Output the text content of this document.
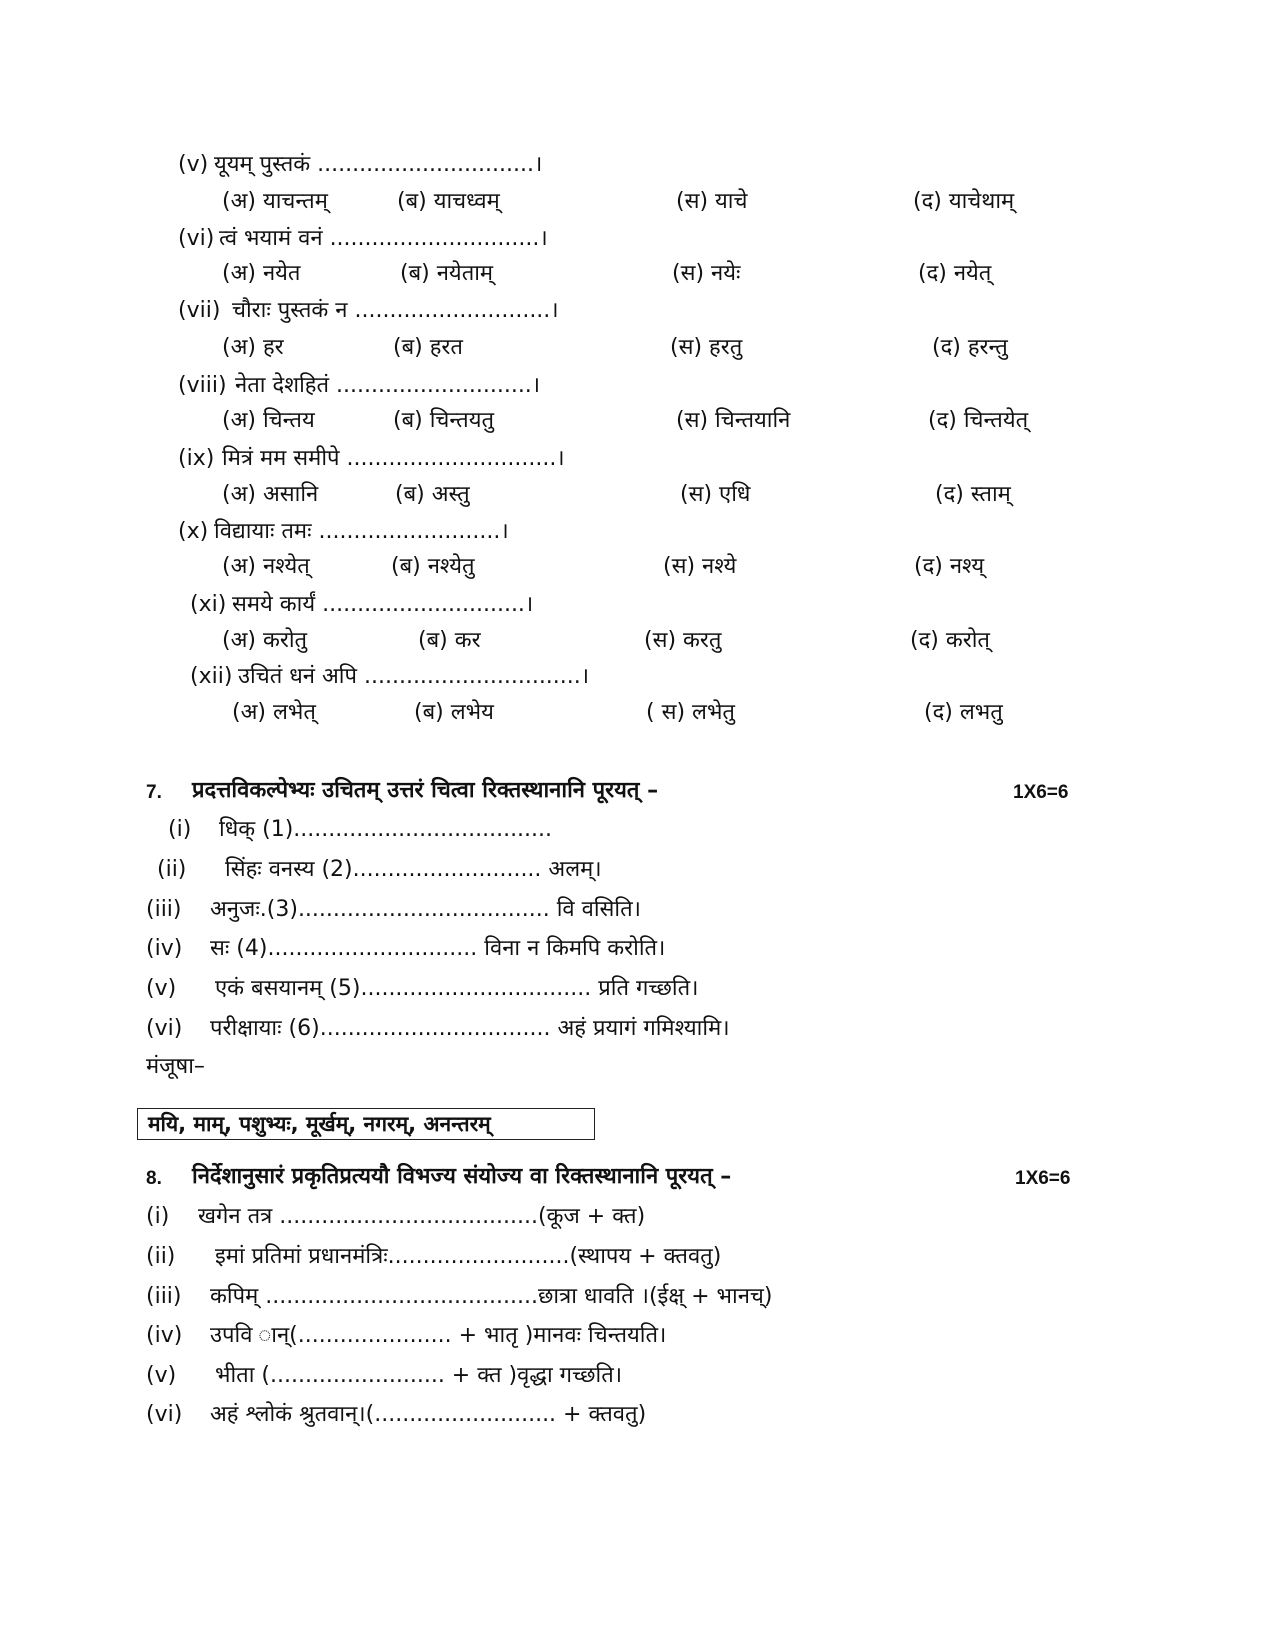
(v) यूयम् पुस्तकं ...............................।
(अ) याचन्तम्	(ब) याचध्वम्	(स) याचे	(द) याचेथाम्
(vi) त्वं भयामं वनं ..............................।
(अ) नयेत	(ब) नयेताम्	(स) नयेः	(द) नयेत्
(vii) चौराः पुस्तकं न ............................।
(अ) हर	(ब) हरत	(स) हरतु	(द) हरन्तु
(viii) नेता देशहितं ............................।
(अ) चिन्तय	(ब) चिन्तयतु	(स) चिन्तयानि	(द) चिन्तयेत्
(ix) मित्रं मम समीपे ..............................।
(अ) असानि	(ब) अस्तु	(स) एधि	(द) स्ताम्
(x) विद्यायाः तमः ..........................।
(अ) नश्येत्	(ब) नश्येतु	(स) नश्ये	(द) नश्य्
(xi) समये कार्यं .............................।
(अ) करोतु	(ब) कर	(स) करतु	(द) करोत्
(xii) उचितं धनं अपि ...............................।
(अ) लभेत्	(ब) लभेय	( स) लभेतु	(द) लभतु
7. प्रदत्तविकल्पेभ्यः उचितम् उत्तरं चित्वा रिक्तस्थानानि पूरयत् –	1X6=6
(i) धिक् (1).....................................
(ii) सिंहः वनस्य (2)........................... अलम्।
(iii) अनुजः.(3).................................... वि वसिति।
(iv) सः (4).............................. विना न किमपि करोति।
(v) एकं बसयानम् (5)................................. प्रति गच्छति।
(vi) परीक्षायाः (6)................................. अहं प्रयागं गमिश्यामि।
मंजूषा–
मयि, माम्, पशुभ्यः, मूर्खम्, नगरम्, अनन्तरम्
8. निर्देशानुसारं प्रकृतिप्रत्ययौ विभज्य संयोज्य वा रिक्तस्थानानि पूरयत् –	1X6=6
(i) खगेन तत्र .....................................(कूज + क्त)
(ii) इमां प्रतिमां प्रधानमंत्रिः..........................(स्थापय + क्तवतु)
(iii) कपिम् .......................................छात्रा धावति ।(ईक्ष् + भानच्)
(iv) उपवि ान्(...................... + भातृ )मानवः चिन्तयति।
(v) भीता (......................... + क्त )वृद्धा गच्छति।
(vi) अहं श्लोकं श्रुतवान्।(.......................... + क्तवतु)
